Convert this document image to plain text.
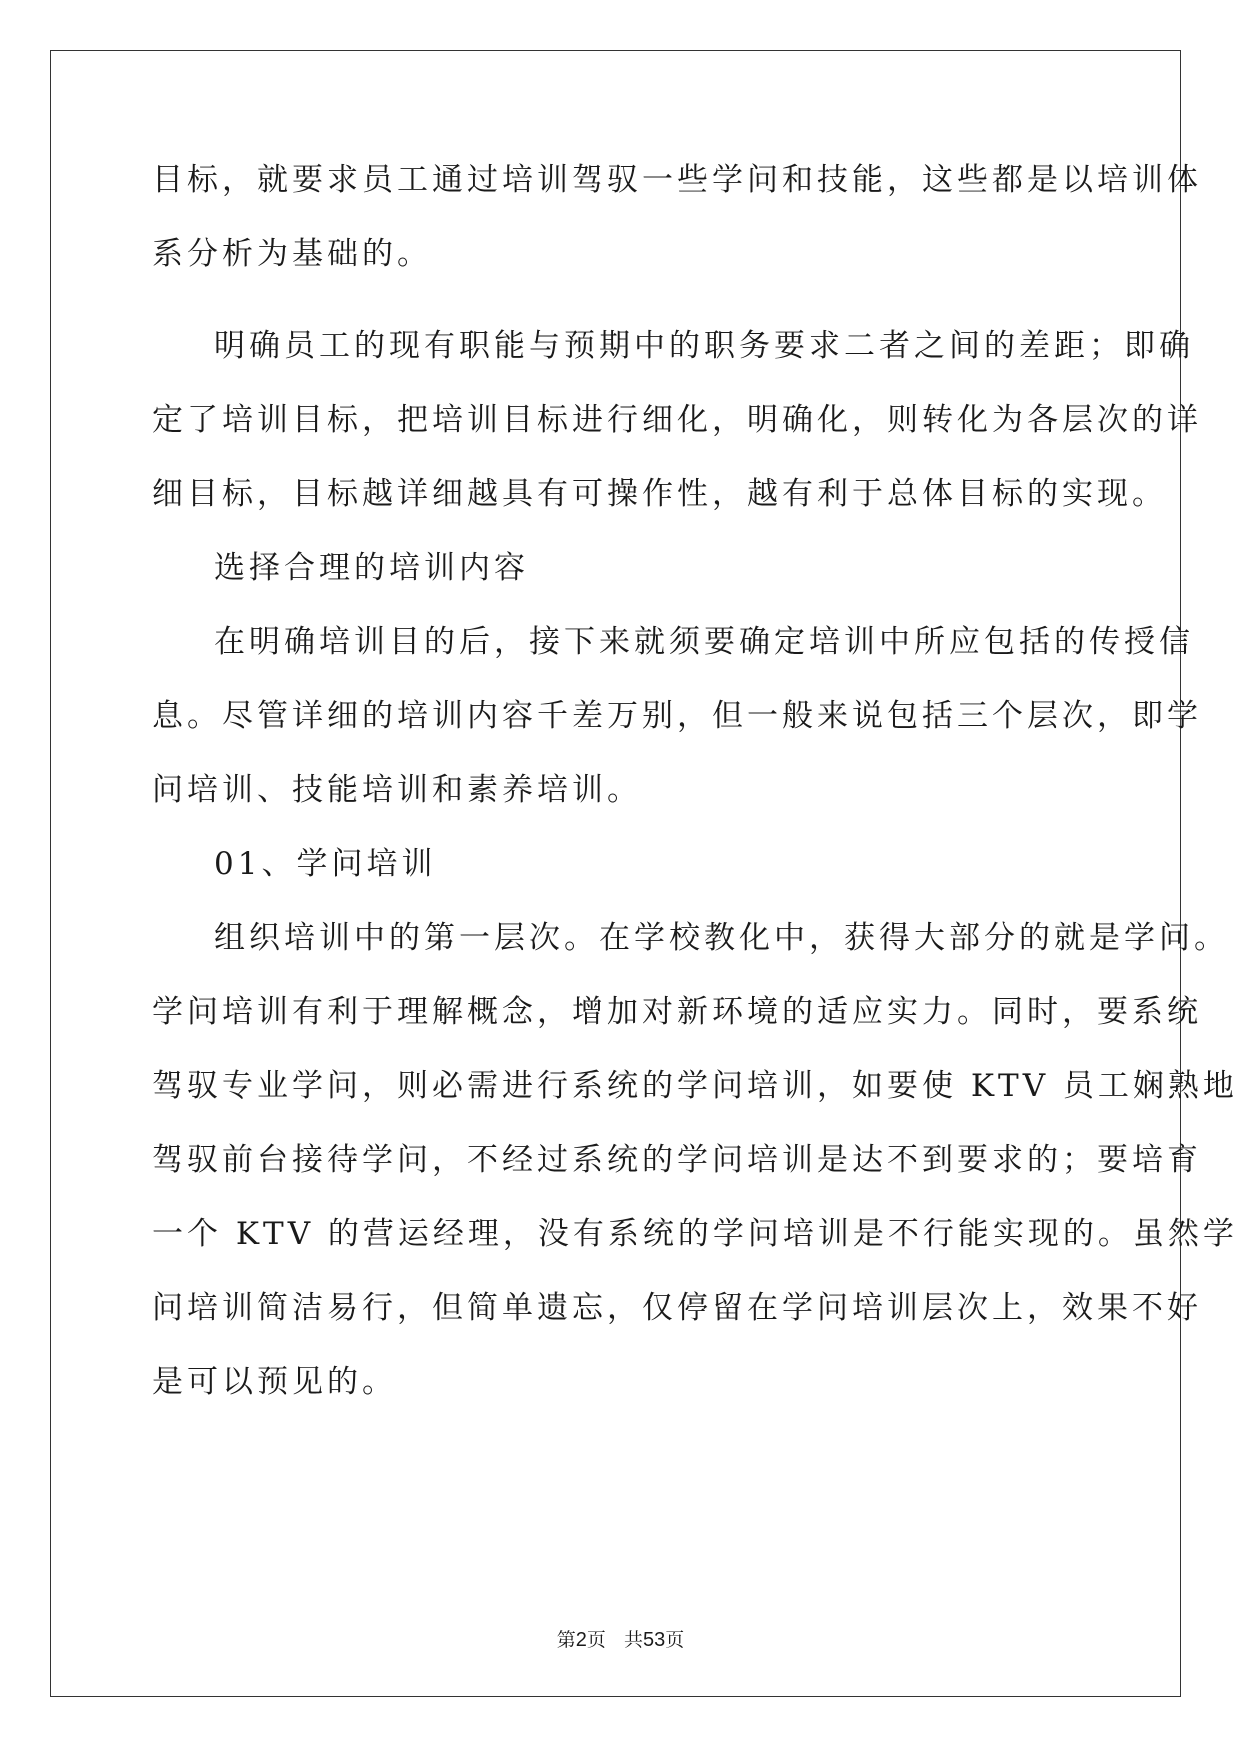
目标，就要求员工通过培训驾驭一些学问和技能，这些都是以培训体
系分析为基础的。
明确员工的现有职能与预期中的职务要求二者之间的差距；即确
定了培训目标，把培训目标进行细化，明确化，则转化为各层次的详
细目标，目标越详细越具有可操作性，越有利于总体目标的实现。
选择合理的培训内容
在明确培训目的后，接下来就须要确定培训中所应包括的传授信
息。尽管详细的培训内容千差万别，但一般来说包括三个层次，即学
问培训、技能培训和素养培训。
01、学问培训
组织培训中的第一层次。在学校教化中，获得大部分的就是学问。
学问培训有利于理解概念，增加对新环境的适应实力。同时，要系统
驾驭专业学问，则必需进行系统的学问培训，如要使 KTV 员工娴熟地
驾驭前台接待学问，不经过系统的学问培训是达不到要求的；要培育
一个 KTV 的营运经理，没有系统的学问培训是不行能实现的。虽然学
问培训简洁易行，但简单遗忘，仅停留在学问培训层次上，效果不好
是可以预见的。
第2页 共53页
